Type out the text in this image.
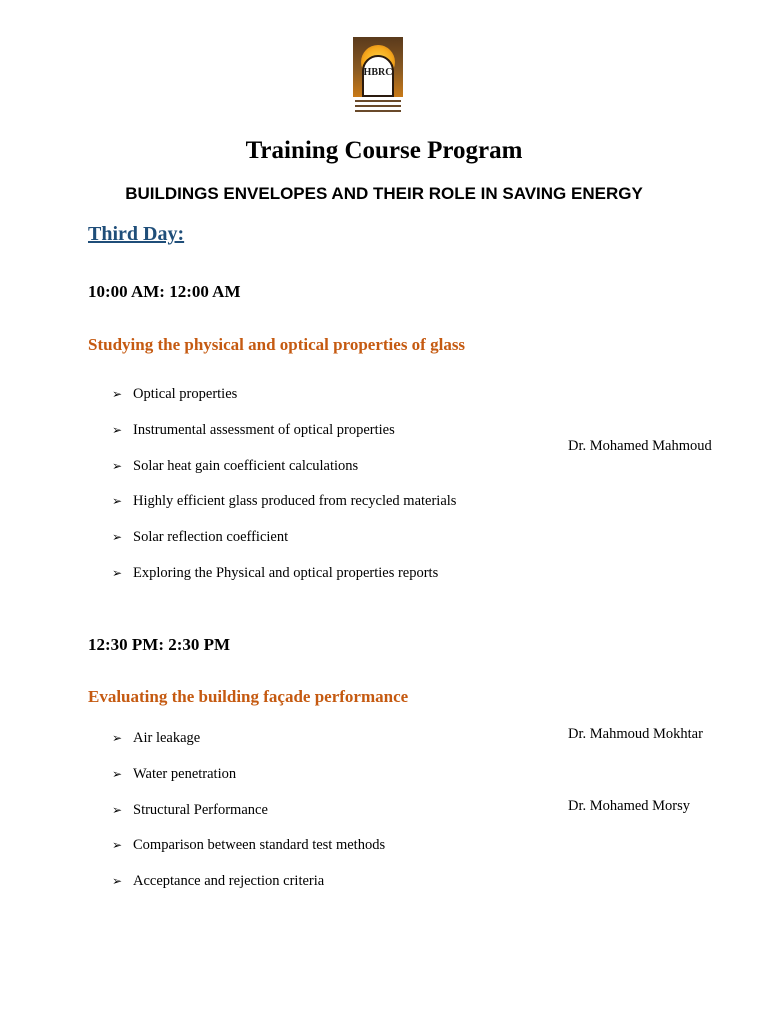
HBRC
Training Course Program
BUILDINGS ENVELOPES AND THEIR ROLE IN SAVING ENERGY
Third Day:
10:00 AM: 12:00 AM
Studying the physical and optical properties of glass
➢ Optical properties
➢ Instrumental assessment of optical properties
➢ Solar heat gain coefficient calculations
➢ Highly efficient glass produced from recycled materials
➢ Solar reflection coefficient
➢ Exploring the Physical and optical properties reports
Dr. Mohamed Mahmoud
12:30 PM: 2:30 PM
Evaluating the building façade performance
➢ Air leakage
➢ Water penetration
➢ Structural Performance
➢ Comparison between standard test methods
➢ Acceptance and rejection criteria
Dr. Mahmoud Mokhtar
Dr. Mohamed Morsy
